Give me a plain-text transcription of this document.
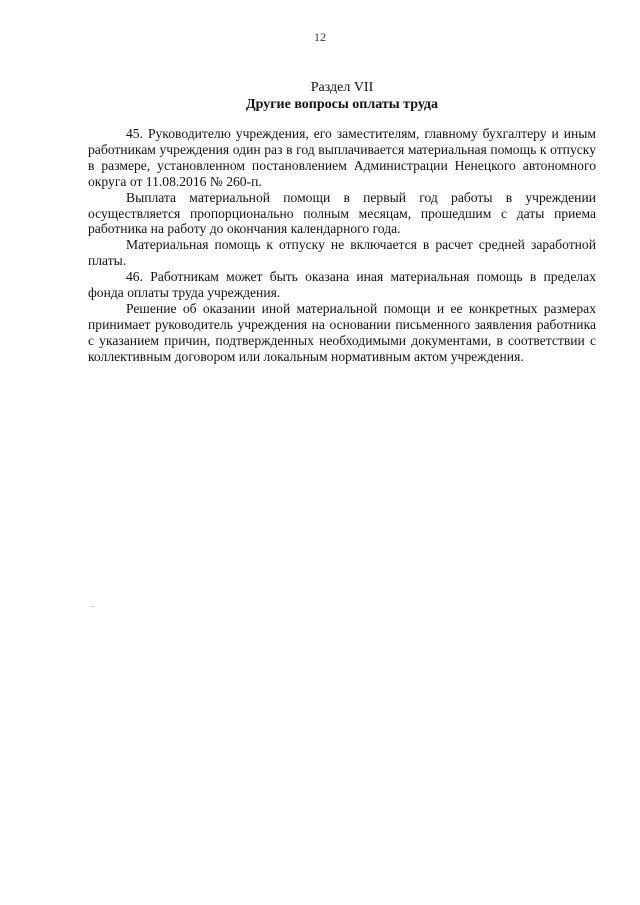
12
Раздел VII
Другие вопросы оплаты труда

45. Руководителю учреждения, его заместителям, главному бухгалтеру и иным работникам учреждения один раз в год выплачивается материальная помощь к отпуску в размере, установленном постановлением Администрации Ненецкого автономного округа от 11.08.2016 № 260-п.

Выплата материальной помощи в первый год работы в учреждении осуществляется пропорционально полным месяцам, прошедшим с даты приема работника на работу до окончания календарного года.

Материальная помощь к отпуску не включается в расчет средней заработной платы.

46. Работникам может быть оказана иная материальная помощь в пределах фонда оплаты труда учреждения.

Решение об оказании иной материальной помощи и ее конкретных размерах принимает руководитель учреждения на основании письменного заявления работника с указанием причин, подтвержденных необходимыми документами, в соответствии с коллективным договором или локальным нормативным актом учреждения.
